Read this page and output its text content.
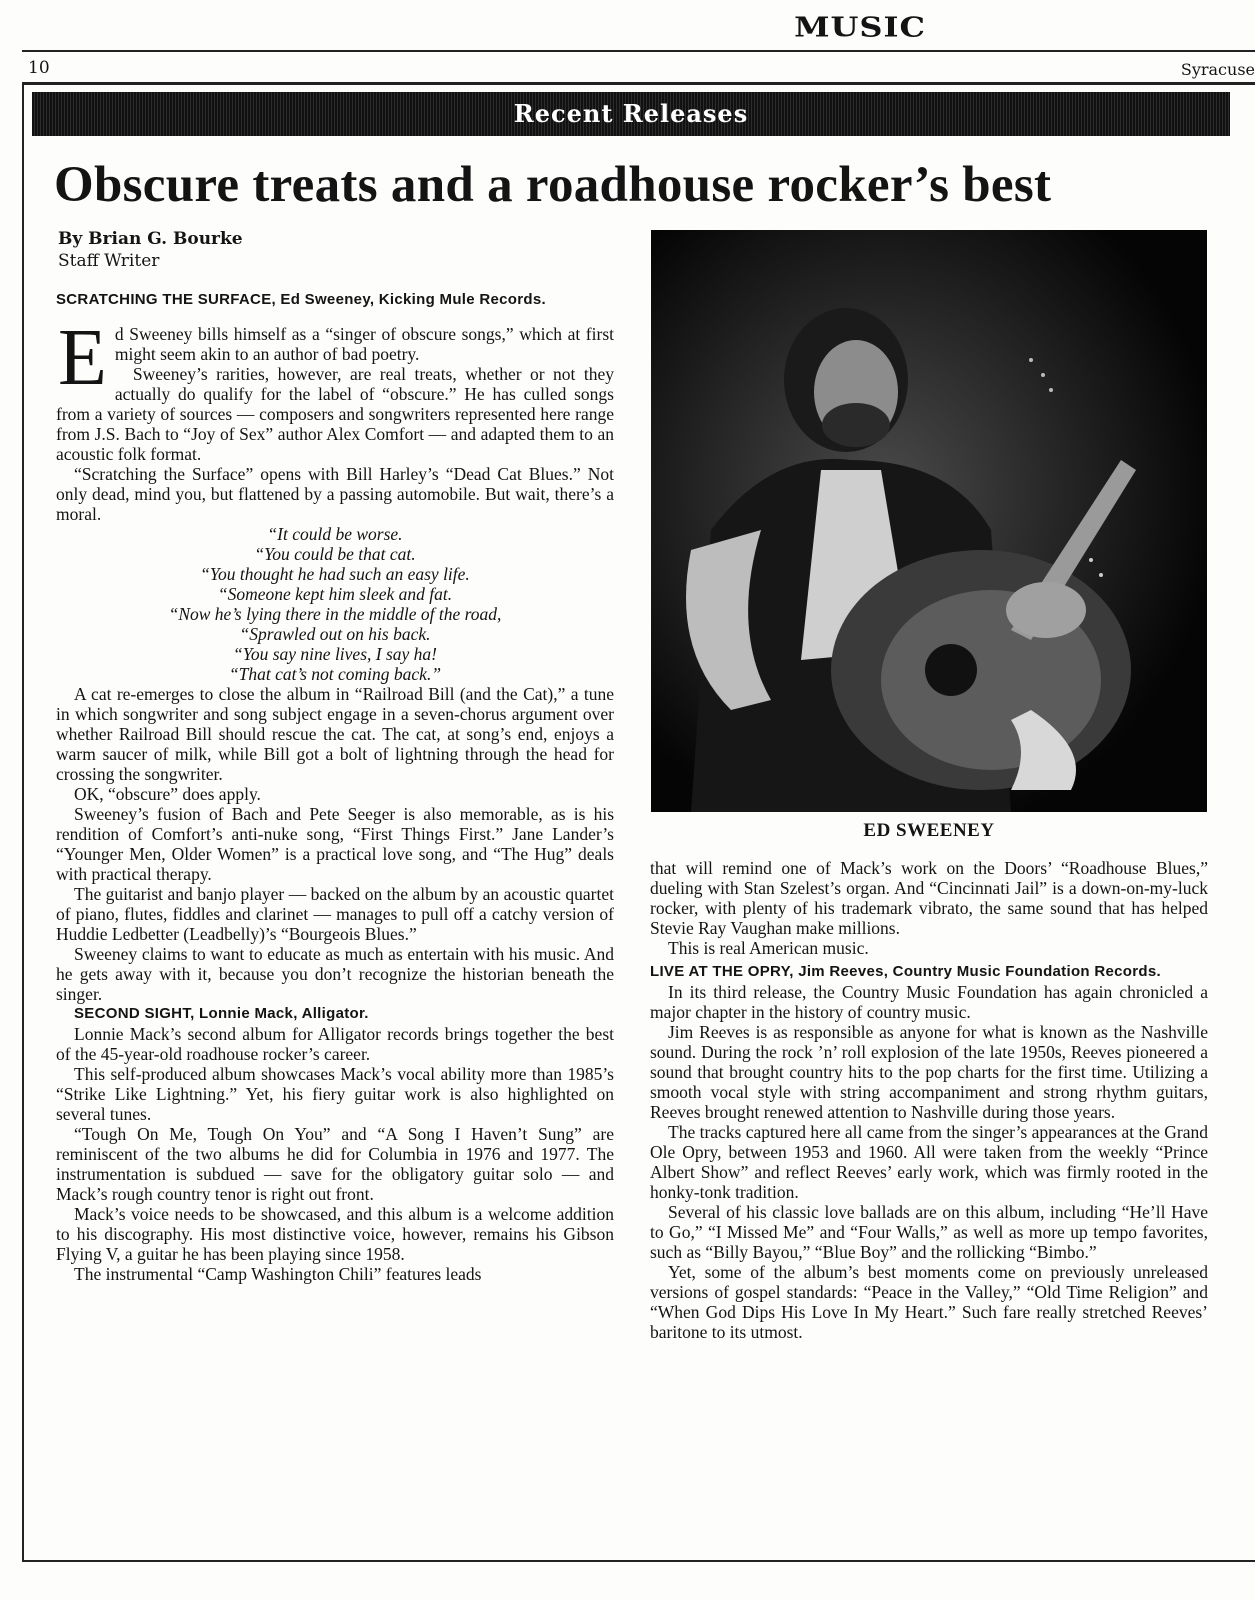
MUSIC
10	Syracuse
Recent Releases
Obscure treats and a roadhouse rocker’s best
By Brian G. Bourke
Staff Writer

SCRATCHING THE SURFACE, Ed Sweeney, Kicking Mule Records.

E d Sweeney bills himself as a “singer of obscure songs,” which at first might seem akin to an author of bad poetry.

Sweeney’s rarities, however, are real treats, whether or not they actually do qualify for the label of “obscure.” He has culled songs from a variety of sources — composers and songwriters represented here range from J.S. Bach to “Joy of Sex” author Alex Comfort — and adapted them to an acoustic folk format.

“Scratching the Surface” opens with Bill Harley’s “Dead Cat Blues.” Not only dead, mind you, but flattened by a passing automobile. But wait, there’s a moral.

“It could be worse.
“You could be that cat.
“You thought he had such an easy life.
“Someone kept him sleek and fat.
“Now he’s lying there in the middle of the road,
“Sprawled out on his back.
“You say nine lives, I say ha!
“That cat’s not coming back.”

A cat re-emerges to close the album in “Railroad Bill (and the Cat),” a tune in which songwriter and song subject engage in a seven-chorus argument over whether Railroad Bill should rescue the cat. The cat, at song’s end, enjoys a warm saucer of milk, while Bill got a bolt of lightning through the head for crossing the songwriter.

OK, “obscure” does apply.

Sweeney’s fusion of Bach and Pete Seeger is also memorable, as is his rendition of Comfort’s anti-nuke song, “First Things First.” Jane Lander’s “Younger Men, Older Women” is a practical love song, and “The Hug” deals with practical therapy.

The guitarist and banjo player — backed on the album by an acoustic quartet of piano, flutes, fiddles and clarinet — manages to pull off a catchy version of Huddie Ledbetter (Leadbelly)’s “Bourgeois Blues.”

Sweeney claims to want to educate as much as entertain with his music. And he gets away with it, because you don’t recognize the historian beneath the singer.

SECOND SIGHT, Lonnie Mack, Alligator.

Lonnie Mack’s second album for Alligator records brings together the best of the 45-year-old roadhouse rocker’s career.

This self-produced album showcases Mack’s vocal ability more than 1985’s “Strike Like Lightning.” Yet, his fiery guitar work is also highlighted on several tunes.

“Tough On Me, Tough On You” and “A Song I Haven’t Sung” are reminiscent of the two albums he did for Columbia in 1976 and 1977. The instrumentation is subdued — save for the obligatory guitar solo — and Mack’s rough country tenor is right out front.

Mack’s voice needs to be showcased, and this album is a welcome addition to his discography. His most distinctive voice, however, remains his Gibson Flying V, a guitar he has been playing since 1958.

The instrumental “Camp Washington Chili” features leads

ED SWEENEY

that will remind one of Mack’s work on the Doors’ “Roadhouse Blues,” dueling with Stan Szelest’s organ. And “Cincinnati Jail” is a down-on-my-luck rocker, with plenty of his trademark vibrato, the same sound that has helped Stevie Ray Vaughan make millions.

This is real American music.

LIVE AT THE OPRY, Jim Reeves, Country Music Foundation Records.

In its third release, the Country Music Foundation has again chronicled a major chapter in the history of country music.

Jim Reeves is as responsible as anyone for what is known as the Nashville sound. During the rock ’n’ roll explosion of the late 1950s, Reeves pioneered a sound that brought country hits to the pop charts for the first time. Utilizing a smooth vocal style with string accompaniment and strong rhythm guitars, Reeves brought renewed attention to Nashville during those years.

The tracks captured here all came from the singer’s appearances at the Grand Ole Opry, between 1953 and 1960. All were taken from the weekly “Prince Albert Show” and reflect Reeves’ early work, which was firmly rooted in the honky-tonk tradition.

Several of his classic love ballads are on this album, including “He’ll Have to Go,” “I Missed Me” and “Four Walls,” as well as more up tempo favorites, such as “Billy Bayou,” “Blue Boy” and the rollicking “Bimbo.”

Yet, some of the album’s best moments come on previously unreleased versions of gospel standards: “Peace in the Valley,” “Old Time Religion” and “When God Dips His Love In My Heart.” Such fare really stretched Reeves’ baritone to its utmost.
